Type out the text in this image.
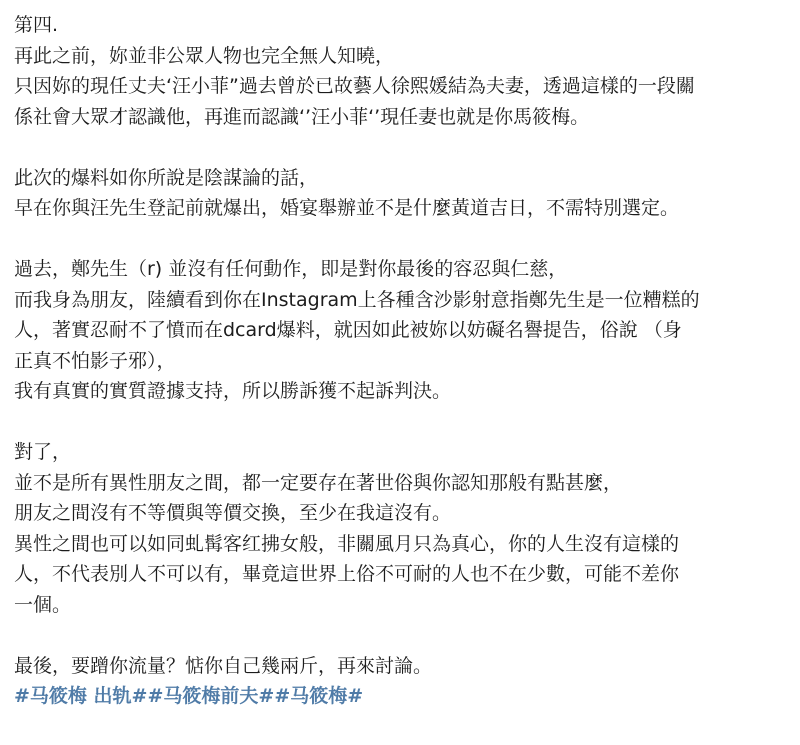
第四.
再此之前，妳並非公眾人物也完全無人知曉，
只因妳的現任丈夫‘汪小菲”過去曾於已故藝人徐熙媛結為夫妻，透過這樣的一段關
係社會大眾才認識他，再進而認識‘’汪小菲‘’現任妻也就是你馬筱梅。
此次的爆料如你所說是陰謀論的話，
早在你與汪先生登記前就爆出，婚宴舉辦並不是什麼黃道吉日，不需特別選定。
過去，鄭先生（r) 並沒有任何動作，即是對你最後的容忍與仁慈，
而我身為朋友，陸續看到你在Instagram上各種含沙影射意指鄭先生是一位糟糕的
人，著實忍耐不了憤而在dcard爆料，就因如此被妳以妨礙名譽提告，俗說 （身
正真不怕影子邪），
我有真實的實質證據支持，所以勝訴獲不起訴判決。
對了，
並不是所有異性朋友之間，都一定要存在著世俗與你認知那般有點甚麼，
朋友之間沒有不等價與等價交換，至少在我這沒有。
異性之間也可以如同虬髯客红拂女般，非關風月只為真心，你的人生沒有這樣的
人，不代表別人不可以有，畢竟這世界上俗不可耐的人也不在少數，可能不差你
一個。
最後，要蹭你流量？惦你自己幾兩斤，再來討論。
#马筱梅 出轨##马筱梅前夫##马筱梅#
